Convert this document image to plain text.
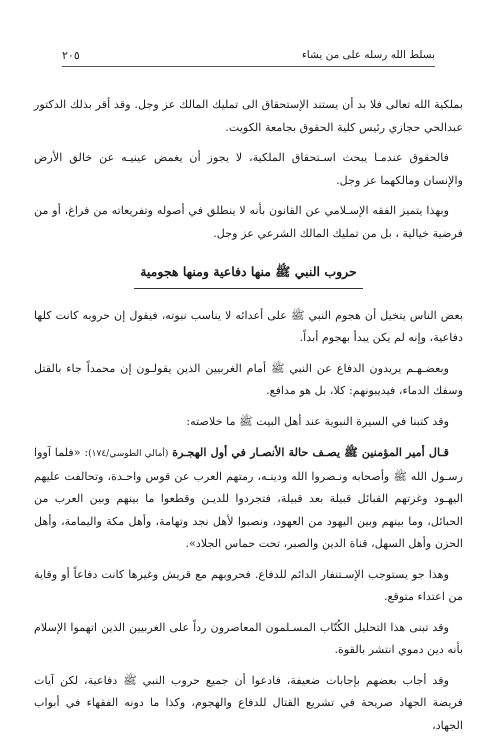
بسلط الله رسله على من يشاء
٢٠٥

بملكية الله تعالى فلا بد أن يستند الإستحقاق الى تمليك المالك عز وجل. وقد أقر بذلك الدكتور عبدالحي حجازي رئيس كلية الحقوق بجامعة الكويت.

فالحقوق عندمـا يبحث اسـتحقاق الملكية، لا يجوز أن يغمض عينيـه عن خالق الأرض والإنسان ومالكهما عز وجل.

وبهذا يتميز الفقه الإسـلامي عن القانون بأنه لا ينطلق في أصوله وتفريعاته من فراغ، أو من فرضية خيالية ، بل من تمليك المالك الشرعي عز وجل.

حروب النبي ﷺ منها دفاعية ومنها هجومية

بعض الناس يتخيل أن هجوم النبي ﷺ على أعدائه لا يناسب نبوته، فيقول إن حروبه كانت كلها دفاعية، وإنه لم يكن يبدأ بهجوم أبداً.

وبعضـهـم يريدون الدفاع عن النبي ﷺ أمام الغربيين الذين يقولـون إن محمداً جاء بالقتل وسفك الدماء، فيديبونهم: كلا، بل هو مدافع.

وقد كتبنا في السيرة النبوية عند أهل البيت ﷺ ما خلاصته:

قـال أمير المؤمنين ﷺ يصـف حالة الأنصـار في أول الهجـرة (أمالي الطوسي/١٧٤): «فلما آووا رسـول الله ﷺ وأصحابه ونـصروا الله ودينـه، رمتهم العرب عن قوس واحـدة، وتحالفت عليهم اليهـود وغزتهم القبائل قبيلة بعد قبيلة، فتجردوا للديـن وقطعوا ما بينهم وبين العرب من الحبائل، وما بينهم وبين اليهود من العهود، ونصبوا لأهل نجد وتهامة، وأهل مكة واليمامة، وأهل الحزن وأهل السهل، قناة الدين والصبر، تحت حماس الجلاد».

وهذا جو يستوجب الإسـتنفار الدائم للدفاع. فحروبهم مع قريش وغيرها كانت دفاعاً أو وقاية من اعتداء متوقع.

وقد تبنى هذا التحليل الكُتّاب المسـلمون المعاصرون رداً على الغربيين الذين اتهموا الإسلام بأنه دين دموي انتشر بالقوة.

وقد أجاب بعضهم بإجابات ضعيفة، فادعوا أن جميع حروب النبي ﷺ دفاعية، لكن آيات فريضة الجهاد صريحة في تشريع القتال للدفاع والهجوم، وكذا ما دونه الفقهاء في أبواب الجهاد،
